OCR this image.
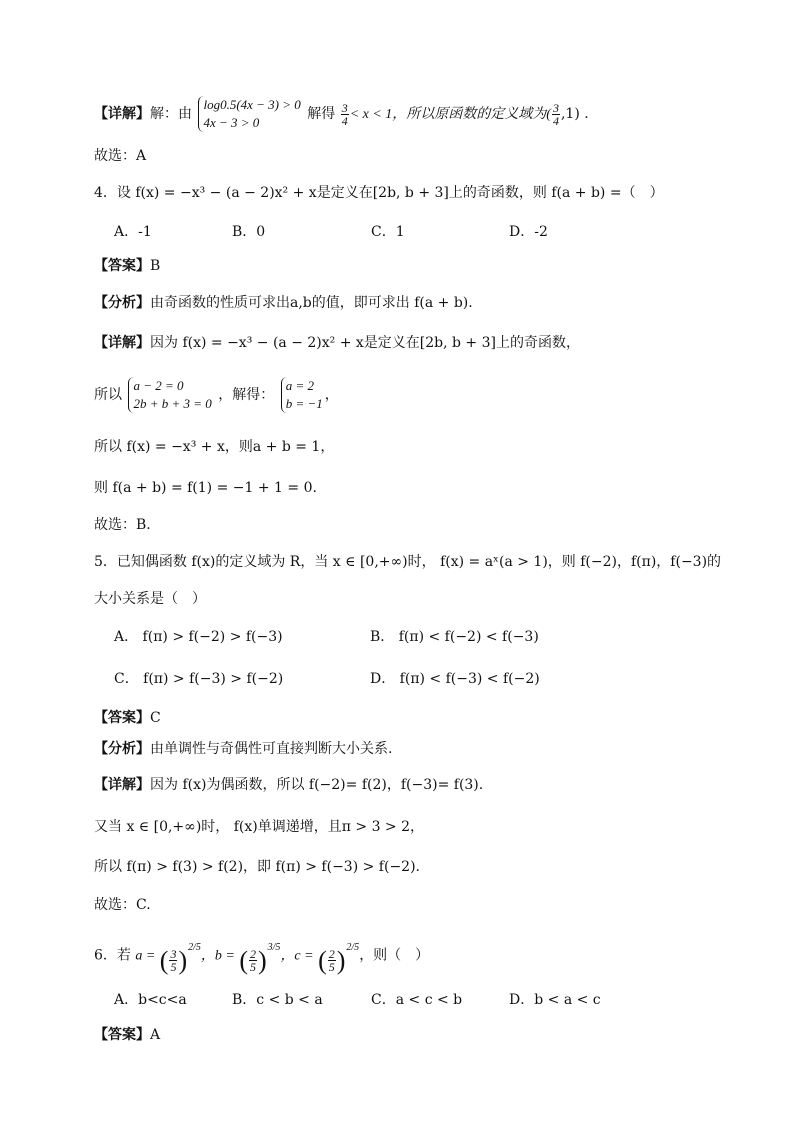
【详解】解：由 log0.5(4x − 3) > 0
4x − 3 > 0 解得 $\frac{3}{4} < x < 1$，所以原函数的定义域为( $\frac{3}{4} ,1$) .
故选：A
4．设 f(x) = −x³ − (a − 2)x² + x是定义在[2b, b + 3]上的奇函数，则 f(a + b) =（　）
A．-1	B．0	C．1	D．-2
【答案】B
【分析】由奇函数的性质可求出a,b的值，即可求出 f(a + b).
【详解】因为 f(x) = −x³ − (a − 2)x² + x是定义在[2b, b + 3]上的奇函数，
所以 a − 2 = 0
2b + b + 3 = 0 ，解得： a = 2
b = −1，
所以 f(x) = −x³ + x，则a + b = 1，
则 f(a + b) = f(1) = −1 + 1 = 0.
故选：B.
5．已知偶函数 f(x)的定义域为 R，当 x ∈ [0,+∞)时， f(x) = aˣ(a > 1)，则 f(−2)，f(π)，f(−3)的
大小关系是（　）
A． f(π) > f(−2) > f(−3)	B． f(π) < f(−2) < f(−3)
C． f(π) > f(−3) > f(−2)	D． f(π) < f(−3) < f(−2)
【答案】C
【分析】由单调性与奇偶性可直接判断大小关系.
【详解】因为 f(x)为偶函数，所以 f(−2)= f(2)，f(−3)= f(3).
又当 x ∈ [0,+∞)时， f(x)单调递增，且π > 3 > 2，
所以 f(π) > f(3) > f(2)，即 f(π) > f(−3) > f(−2).
故选：C.
6．若 a = ( $\frac{3}{5} )^{2/5}$，b = ( $\frac{2}{5} )^{3/5}$，c = ( $\frac{2}{5} )^{2/5}$，则（　）
A．b<c<a	B．c < b < a	C．a < c < b	D．b < a < c
【答案】A
